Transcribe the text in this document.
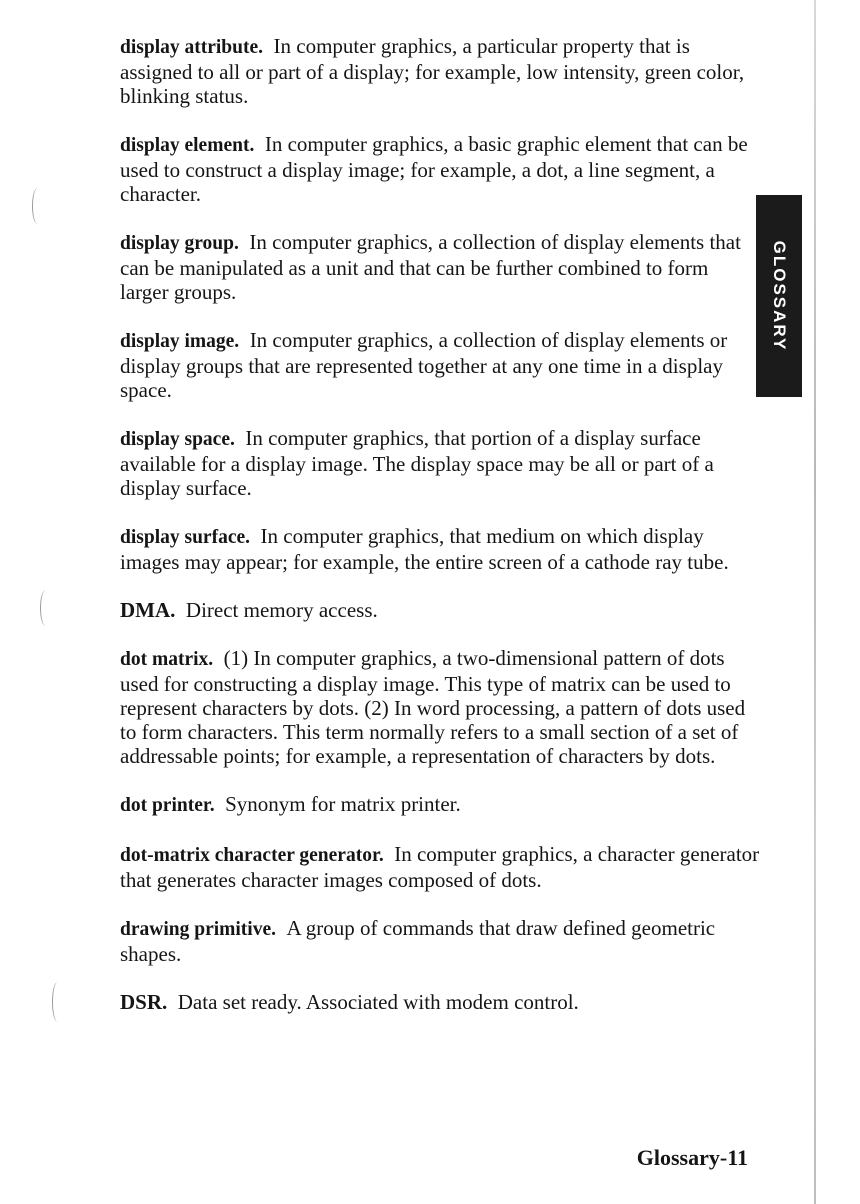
GLOSSARY

display attribute. In computer graphics, a particular property that is assigned to all or part of a display; for example, low intensity, green color, blinking status.

display element. In computer graphics, a basic graphic element that can be used to construct a display image; for example, a dot, a line segment, a character.

display group. In computer graphics, a collection of display elements that can be manipulated as a unit and that can be further combined to form larger groups.

display image. In computer graphics, a collection of display elements or display groups that are represented together at any one time in a display space.

display space. In computer graphics, that portion of a display surface available for a display image. The display space may be all or part of a display surface.

display surface. In computer graphics, that medium on which display images may appear; for example, the entire screen of a cathode ray tube.

DMA. Direct memory access.

dot matrix. (1) In computer graphics, a two-dimensional pattern of dots used for constructing a display image. This type of matrix can be used to represent characters by dots. (2) In word processing, a pattern of dots used to form characters. This term normally refers to a small section of a set of addressable points; for example, a representation of characters by dots.

dot printer. Synonym for matrix printer.

dot-matrix character generator. In computer graphics, a character generator that generates character images composed of dots.

drawing primitive. A group of commands that draw defined geometric shapes.

DSR. Data set ready. Associated with modem control.

Glossary-11
